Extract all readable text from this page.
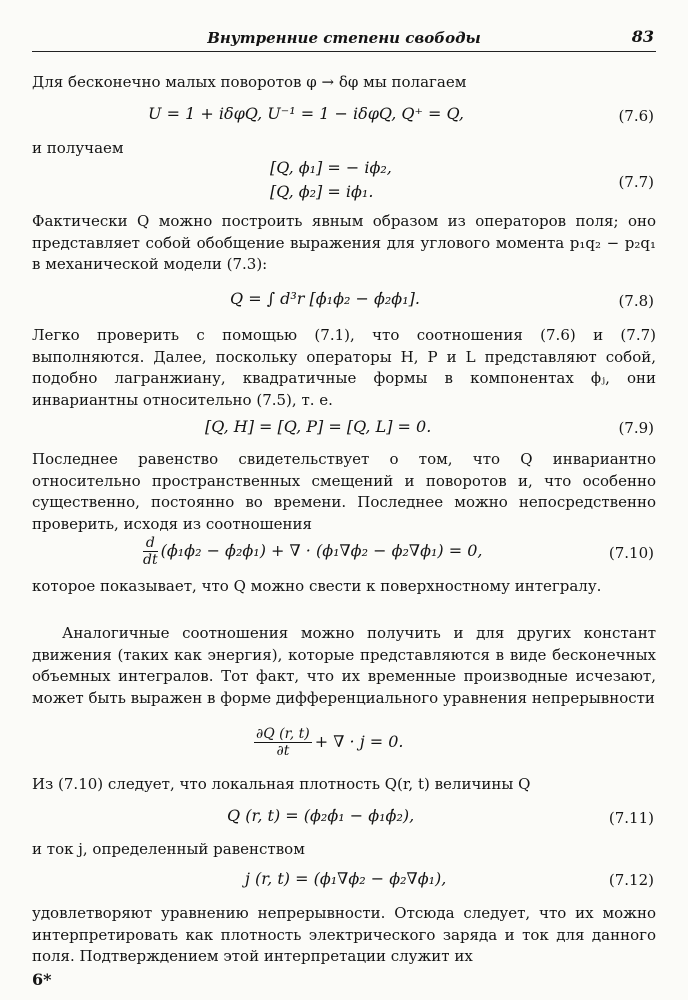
Внутренние степени свободы	83

Для бесконечно малых поворотов φ → δφ мы полагаем

U = 1 + iδφQ, U⁻¹ = 1 − iδφQ, Q⁺ = Q,	(7.6)

и получаем

[Q, ϕ₁] = − iϕ₂,
[Q, ϕ₂] = iϕ₁.	(7.7)

Фактически Q можно построить явным образом из операторов поля; оно представляет собой обобщение выражения для углового момента p₁q₂ − p₂q₁ в механической модели (7.3):

Q = ∫ d³r [ϕ̇₁ϕ₂ − ϕ̇₂ϕ₁].	(7.8)

Легко проверить с помощью (7.1), что соотношения (7.6) и (7.7) выполняются. Далее, поскольку операторы H, P и L представляют собой, подобно лагранжиану, квадратичные формы в компонентах ϕⱼ, они инвариантны относительно (7.5), т. е.

[Q, H] = [Q, P] = [Q, L] = 0.	(7.9)

Последнее равенство свидетельствует о том, что Q инвариантно относительно пространственных смещений и поворотов и, что особенно существенно, постоянно во времени. Последнее можно непосредственно проверить, исходя из соотношения

$\frac{d}{dt}$ (ϕ̇₁ϕ₂ − ϕ̇₂ϕ₁) + ∇ · (ϕ₁∇ϕ₂ − ϕ₂∇ϕ₁) = 0,	(7.10)

которое показывает, что Q можно свести к поверхностному интегралу.

Аналогичные соотношения можно получить и для других констант движения (таких как энергия), которые представляются в виде бесконечных объемных интегралов. Тот факт, что их временные производные исчезают, может быть выражен в форме дифференциального уравнения непрерывности

$\frac{\partial Q (r, t)}{\partial t}$ + ∇ · j = 0.

Из (7.10) следует, что локальная плотность Q(r, t) величины Q

Q (r, t) = (ϕ₂ϕ̇₁ − ϕ₁ϕ̇₂),	(7.11)

и ток j, определенный равенством

j (r, t) = (ϕ₁∇ϕ₂ − ϕ₂∇ϕ₁),	(7.12)

удовлетворяют уравнению непрерывности. Отсюда следует, что их можно интерпретировать как плотность электрического заряда и ток для данного поля. Подтверждением этой интерпретации служит их

6*
